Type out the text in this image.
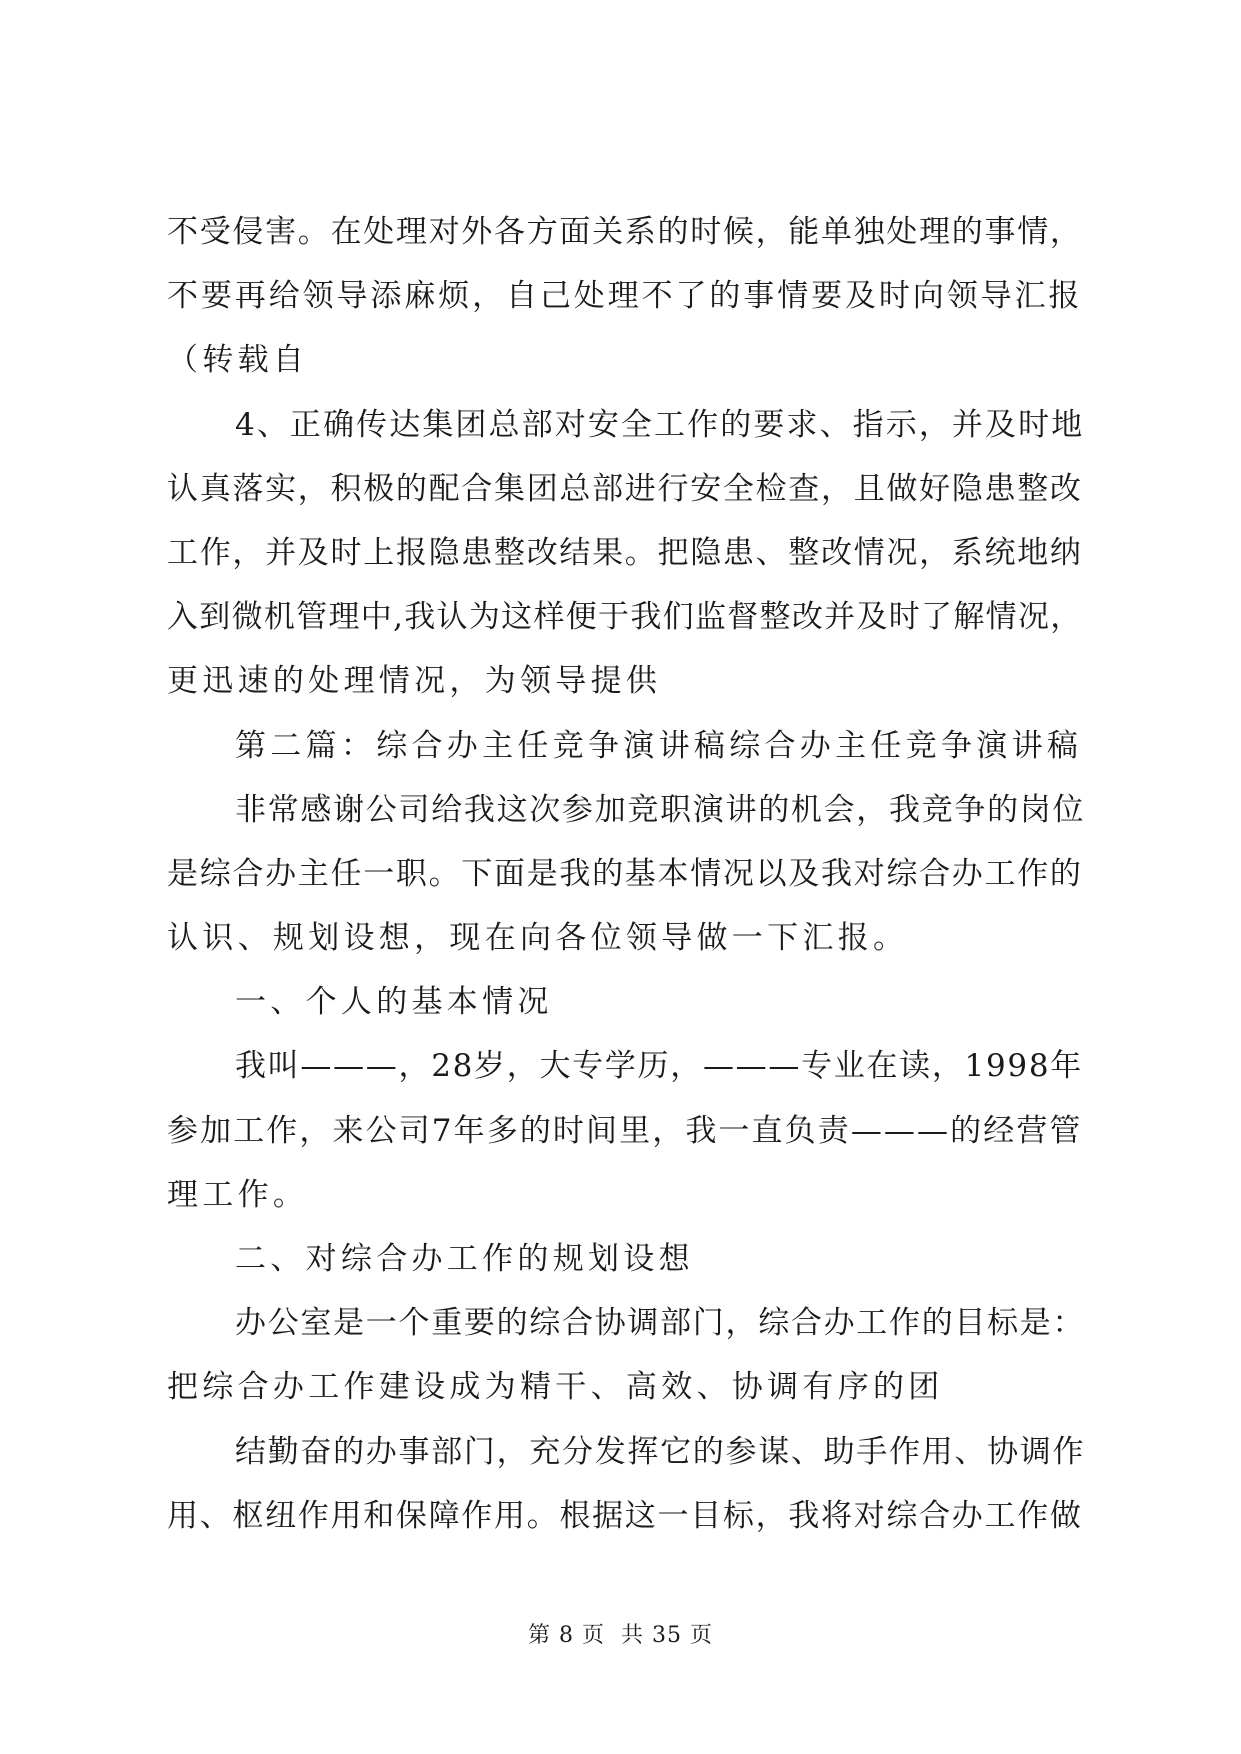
不受侵害。在处理对外各方面关系的时候，能单独处理的事情，
不要再给领导添麻烦，自己处理不了的事情要及时向领导汇报
（转载自
4、正确传达集团总部对安全工作的要求、指示，并及时地
认真落实，积极的配合集团总部进行安全检查，且做好隐患整改
工作，并及时上报隐患整改结果。把隐患、整改情况，系统地纳
入到微机管理中,我认为这样便于我们监督整改并及时了解情况，
更迅速的处理情况，为领导提供
第二篇：综合办主任竞争演讲稿综合办主任竞争演讲稿
非常感谢公司给我这次参加竞职演讲的机会，我竞争的岗位
是综合办主任一职。下面是我的基本情况以及我对综合办工作的
认识、规划设想，现在向各位领导做一下汇报。
一、个人的基本情况
我叫———，28岁，大专学历，———专业在读，1998年
参加工作，来公司7年多的时间里，我一直负责———的经营管
理工作。
二、对综合办工作的规划设想
办公室是一个重要的综合协调部门，综合办工作的目标是：
把综合办工作建设成为精干、高效、协调有序的团
结勤奋的办事部门，充分发挥它的参谋、助手作用、协调作
用、枢纽作用和保障作用。根据这一目标，我将对综合办工作做
第 8 页  共 35 页
